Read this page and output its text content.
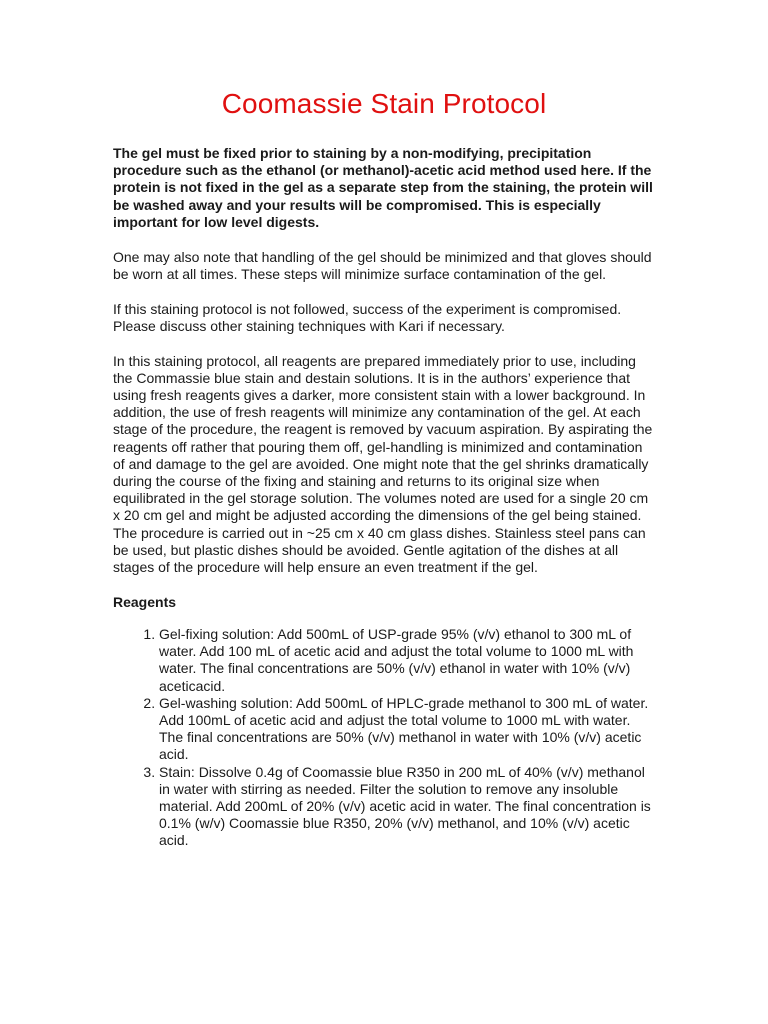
Coomassie Stain Protocol

The gel must be fixed prior to staining by a non-modifying, precipitation procedure such as the ethanol (or methanol)-acetic acid method used here. If the protein is not fixed in the gel as a separate step from the staining, the protein will be washed away and your results will be compromised. This is especially important for low level digests.

One may also note that handling of the gel should be minimized and that gloves should be worn at all times. These steps will minimize surface contamination of the gel.

If this staining protocol is not followed, success of the experiment is compromised. Please discuss other staining techniques with Kari if necessary.

In this staining protocol, all reagents are prepared immediately prior to use, including the Commassie blue stain and destain solutions. It is in the authors’ experience that using fresh reagents gives a darker, more consistent stain with a lower background. In addition, the use of fresh reagents will minimize any contamination of the gel. At each stage of the procedure, the reagent is removed by vacuum aspiration. By aspirating the reagents off rather that pouring them off, gel-handling is minimized and contamination of and damage to the gel are avoided. One might note that the gel shrinks dramatically during the course of the fixing and staining and returns to its original size when equilibrated in the gel storage solution. The volumes noted are used for a single 20 cm x 20 cm gel and might be adjusted according the dimensions of the gel being stained. The procedure is carried out in ~25 cm x 40 cm glass dishes. Stainless steel pans can be used, but plastic dishes should be avoided. Gentle agitation of the dishes at all stages of the procedure will help ensure an even treatment if the gel.

Reagents
1. Gel-fixing solution: Add 500mL of USP-grade 95% (v/v) ethanol to 300 mL of water. Add 100 mL of acetic acid and adjust the total volume to 1000 mL with water. The final concentrations are 50% (v/v) ethanol in water with 10% (v/v) aceticacid.
2. Gel-washing solution: Add 500mL of HPLC-grade methanol to 300 mL of water. Add 100mL of acetic acid and adjust the total volume to 1000 mL with water. The final concentrations are 50% (v/v) methanol in water with 10% (v/v) acetic acid.
3. Stain: Dissolve 0.4g of Coomassie blue R350 in 200 mL of 40% (v/v) methanol in water with stirring as needed. Filter the solution to remove any insoluble material. Add 200mL of 20% (v/v) acetic acid in water. The final concentration is 0.1% (w/v) Coomassie blue R350, 20% (v/v) methanol, and 10% (v/v) acetic acid.
